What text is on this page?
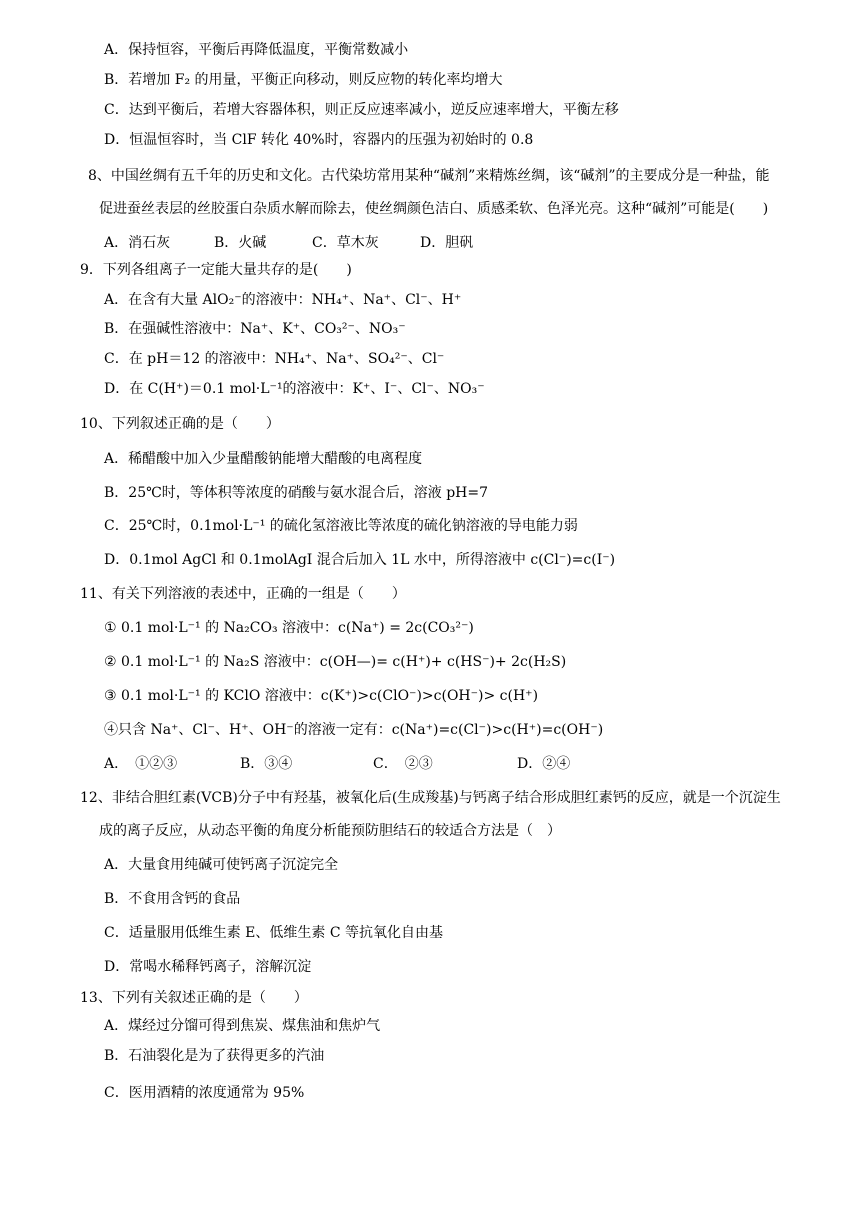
A．保持恒容，平衡后再降低温度，平衡常数减小
B．若增加 F₂ 的用量，平衡正向移动，则反应物的转化率均增大
C．达到平衡后，若增大容器体积，则正反应速率减小，逆反应速率增大，平衡左移
D．恒温恒容时，当 ClF 转化 40%时，容器内的压强为初始时的 0.8
8、中国丝绸有五千年的历史和文化。古代染坊常用某种“碱剂”来精炼丝绸，该“碱剂”的主要成分是一种盐，能
促进蚕丝表层的丝胶蛋白杂质水解而除去，使丝绸颜色洁白、质感柔软、色泽光亮。这种“碱剂”可能是(　　)
A．消石灰	B．火碱	C．草木灰	D．胆矾
9．下列各组离子一定能大量共存的是(　　)
A．在含有大量 AlO₂⁻的溶液中：NH₄⁺、Na⁺、Cl⁻、H⁺
B．在强碱性溶液中：Na⁺、K⁺、CO₃²⁻、NO₃⁻
C．在 pH＝12 的溶液中：NH₄⁺、Na⁺、SO₄²⁻、Cl⁻
D．在 C(H⁺)＝0.1 mol·L⁻¹的溶液中：K⁺、I⁻、Cl⁻、NO₃⁻
10、下列叙述正确的是（　　）
A．稀醋酸中加入少量醋酸钠能增大醋酸的电离程度
B．25℃时，等体积等浓度的硝酸与氨水混合后，溶液 pH=7
C．25℃时，0.1mol·L⁻¹ 的硫化氢溶液比等浓度的硫化钠溶液的导电能力弱
D．0.1mol AgCl 和 0.1molAgI 混合后加入 1L 水中，所得溶液中 c(Cl⁻)=c(I⁻)
11、有关下列溶液的表述中，正确的一组是（　　）
① 0.1 mol·L⁻¹ 的 Na₂CO₃ 溶液中：c(Na⁺) = 2c(CO₃²⁻)
② 0.1 mol·L⁻¹ 的 Na₂S 溶液中：c(OH—)= c(H⁺)+ c(HS⁻)+ 2c(H₂S)
③ 0.1 mol·L⁻¹ 的 KClO 溶液中：c(K⁺)>c(ClO⁻)>c(OH⁻)> c(H⁺)
④只含 Na⁺、Cl⁻、H⁺、OH⁻的溶液一定有：c(Na⁺)=c(Cl⁻)>c(H⁺)=c(OH⁻)
A．　①②③	B．③④	C．　②③	D．②④
12、非结合胆红素(VCB)分子中有羟基，被氧化后(生成羧基)与钙离子结合形成胆红素钙的反应，就是一个沉淀生
成的离子反应，从动态平衡的角度分析能预防胆结石的较适合方法是（　）
A．大量食用纯碱可使钙离子沉淀完全
B．不食用含钙的食品
C．适量服用低维生素 E、低维生素 C 等抗氧化自由基
D．常喝水稀释钙离子，溶解沉淀
13、下列有关叙述正确的是（　　）
A．煤经过分馏可得到焦炭、煤焦油和焦炉气
B．石油裂化是为了获得更多的汽油
C．医用酒精的浓度通常为 95%
